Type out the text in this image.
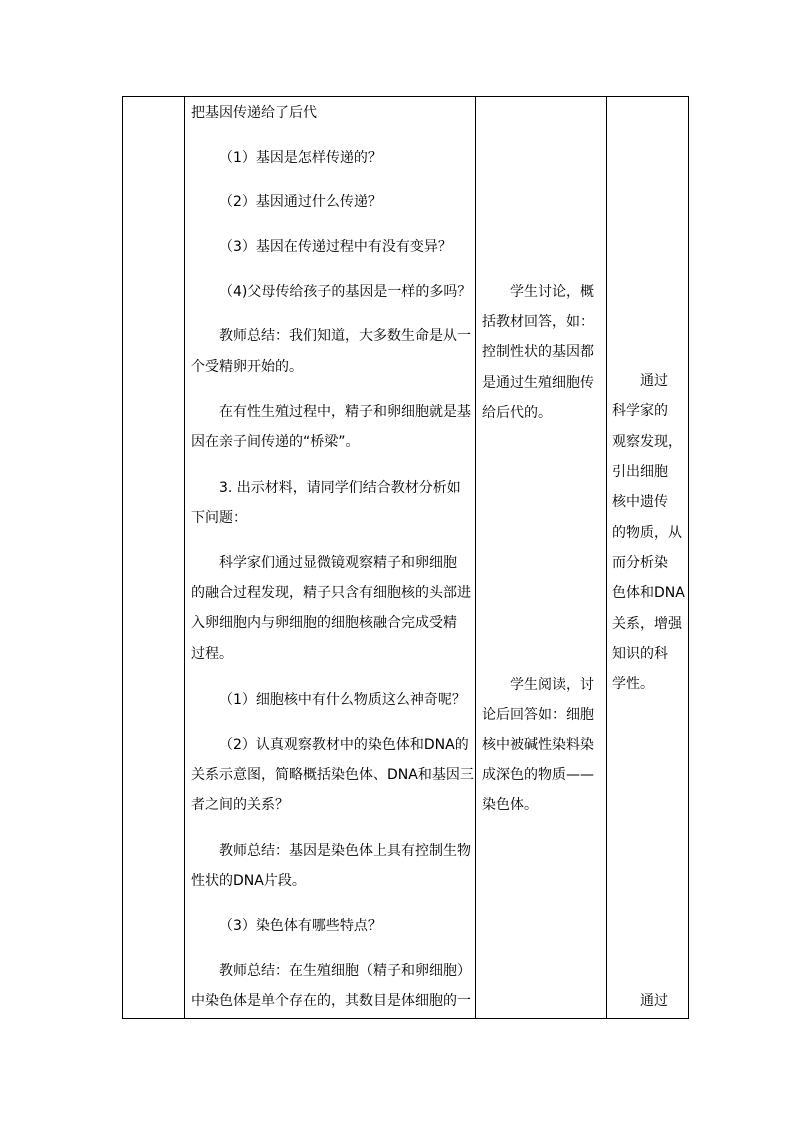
把基因传递给了后代
（1）基因是怎样传递的？
（2）基因通过什么传递？
（3）基因在传递过程中有没有变异？
（4)父母传给孩子的基因是一样的多吗？
教师总结：我们知道，大多数生命是从一
个受精卵开始的。
在有性生殖过程中，精子和卵细胞就是基
因在亲子间传递的“桥梁”。
3. 出示材料，请同学们结合教材分析如
下问题：
科学家们通过显微镜观察精子和卵细胞
的融合过程发现，精子只含有细胞核的头部进
入卵细胞内与卵细胞的细胞核融合完成受精
过程。
（1）细胞核中有什么物质这么神奇呢？
（2）认真观察教材中的染色体和DNA的
关系示意图，简略概括染色体、DNA和基因三
者之间的关系？
教师总结：基因是染色体上具有控制生物
性状的DNA片段。
（3）染色体有哪些特点？
教师总结：在生殖细胞（精子和卵细胞）
中染色体是单个存在的，其数目是体细胞的一
学生讨论，概
括教材回答，如：
控制性状的基因都
是通过生殖细胞传
给后代的。
学生阅读，讨
论后回答如：细胞
核中被碱性染料染
成深色的物质——
染色体。
通过
科学家的
观察发现，
引出细胞
核中遗传
的物质，从
而分析染
色体和DNA
关系，增强
知识的科
学性。
通过
